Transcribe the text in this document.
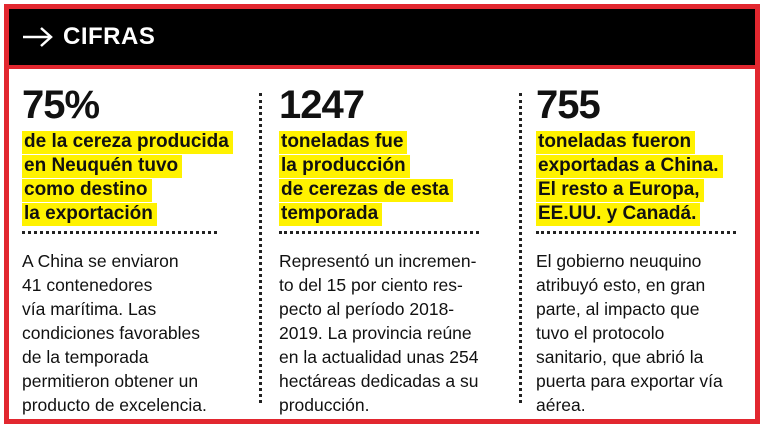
CIFRAS
75%
de la cereza producida
en Neuquén tuvo
como destino
la exportación
A China se enviaron
41 contenedores
vía marítima. Las
condiciones favorables
de la temporada
permitieron obtener un
producto de excelencia.
1247
toneladas fue
la producción
de cerezas de esta
temporada
Representó un incremen-
to del 15 por ciento res-
pecto al período 2018-
2019. La provincia reúne
en la actualidad unas 254
hectáreas dedicadas a su
producción.
755
toneladas fueron
exportadas a China.
El resto a Europa,
EE.UU. y Canadá.
El gobierno neuquino
atribuyó esto, en gran
parte, al impacto que
tuvo el protocolo
sanitario, que abrió la
puerta para exportar vía
aérea.
